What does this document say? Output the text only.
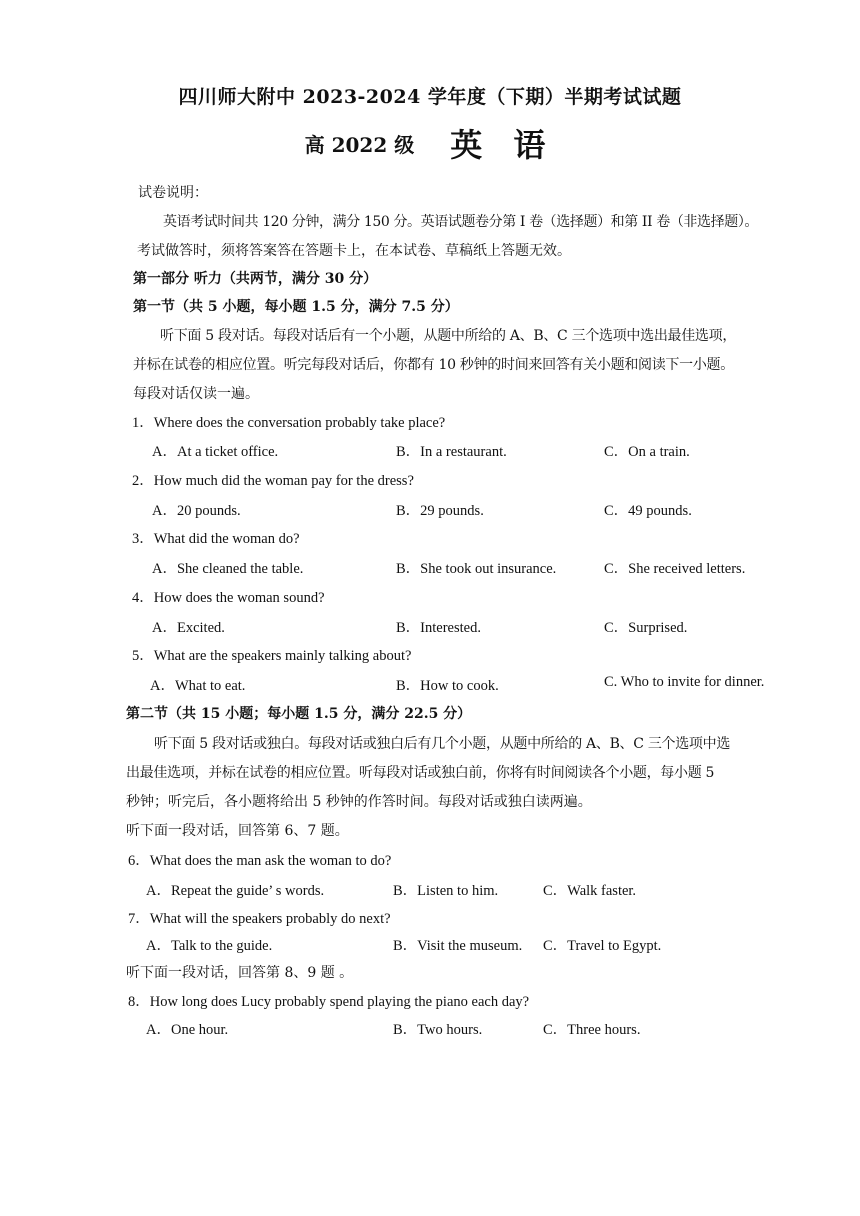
四川师大附中 2023-2024 学年度（下期）半期考试试题
高 2022 级 英 语
试卷说明：
英语考试时间共 120 分钟，满分 150 分。英语试题卷分第 I 卷（选择题）和第 II 卷（非选择题）。
考试做答时，须将答案答在答题卡上，在本试卷、草稿纸上答题无效。
第一部分 听力（共两节，满分 30 分）
第一节（共 5 小题，每小题 1.5 分，满分 7.5 分）
听下面 5 段对话。每段对话后有一个小题，从题中所给的 A、B、C 三个选项中选出最佳选项，
并标在试卷的相应位置。听完每段对话后，你都有 10 秒钟的时间来回答有关小题和阅读下一小题。
每段对话仅读一遍。
1．Where does the conversation probably take place?
A．At a ticket office.	B．In a restaurant.	C．On a train.
2．How much did the woman pay for the dress?
A．20 pounds.	B．29 pounds.	C．49 pounds.
3．What did the woman do?
A．She cleaned the table.	B．She took out insurance.	C．She received letters.
4．How does the woman sound?
A．Excited.	B．Interested.	C．Surprised.
5．What are the speakers mainly talking about?
A．What to eat.	B．How to cook.	C. Who to invite for dinner.
第二节（共 15 小题；每小题 1.5 分，满分 22.5 分）
听下面 5 段对话或独白。每段对话或独白后有几个小题，从题中所给的 A、B、C 三个选项中选
出最佳选项，并标在试卷的相应位置。听每段对话或独白前，你将有时间阅读各个小题，每小题 5
秒钟；听完后，各小题将给出 5 秒钟的作答时间。每段对话或独白读两遍。
听下面一段对话，回答第 6、7 题。
6．What does the man ask the woman to do?
A．Repeat the guide’ s words.	B．Listen to him.	C．Walk faster.
7．What will the speakers probably do next?
A．Talk to the guide.	B．Visit the museum. C．Travel to Egypt.
听下面一段对话，回答第 8、9 题 。
8．How long does Lucy probably spend playing the piano each day?
A．One hour.	B．Two hours.	C．Three hours.
